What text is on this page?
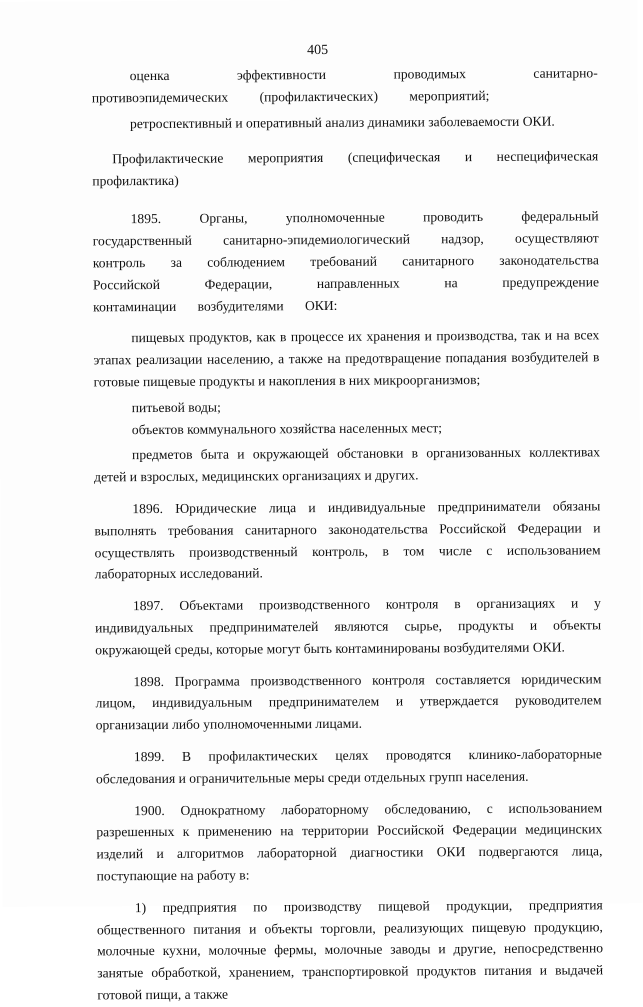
405

оценка эффективности проводимых санитарно-противоэпидемических (профилактических) мероприятий;

ретроспективный и оперативный анализ динамики заболеваемости ОКИ.

Профилактические мероприятия (специфическая и неспецифическая профилактика)

1895. Органы, уполномоченные проводить федеральный государственный санитарно-эпидемиологический надзор, осуществляют контроль за соблюдением требований санитарного законодательства Российской Федерации, направленных на предупреждение контаминации возбудителями ОКИ:

пищевых продуктов, как в процессе их хранения и производства, так и на всех этапах реализации населению, а также на предотвращение попадания возбудителей в готовые пищевые продукты и накопления в них микроорганизмов;

питьевой воды;

объектов коммунального хозяйства населенных мест;

предметов быта и окружающей обстановки в организованных коллективах детей и взрослых, медицинских организациях и других.

1896. Юридические лица и индивидуальные предприниматели обязаны выполнять требования санитарного законодательства Российской Федерации и осуществлять производственный контроль, в том числе с использованием лабораторных исследований.

1897. Объектами производственного контроля в организациях и у индивидуальных предпринимателей являются сырье, продукты и объекты окружающей среды, которые могут быть контаминированы возбудителями ОКИ.

1898. Программа производственного контроля составляется юридическим лицом, индивидуальным предпринимателем и утверждается руководителем организации либо уполномоченными лицами.

1899. В профилактических целях проводятся клинико-лабораторные обследования и ограничительные меры среди отдельных групп населения.

1900. Однократному лабораторному обследованию, с использованием разрешенных к применению на территории Российской Федерации медицинских изделий и алгоритмов лабораторной диагностики ОКИ подвергаются лица, поступающие на работу в:

1) предприятия по производству пищевой продукции, предприятия общественного питания и объекты торговли, реализующих пищевую продукцию, молочные кухни, молочные фермы, молочные заводы и другие, непосредственно занятые обработкой, хранением, транспортировкой продуктов питания и выдачей готовой пищи, а также
